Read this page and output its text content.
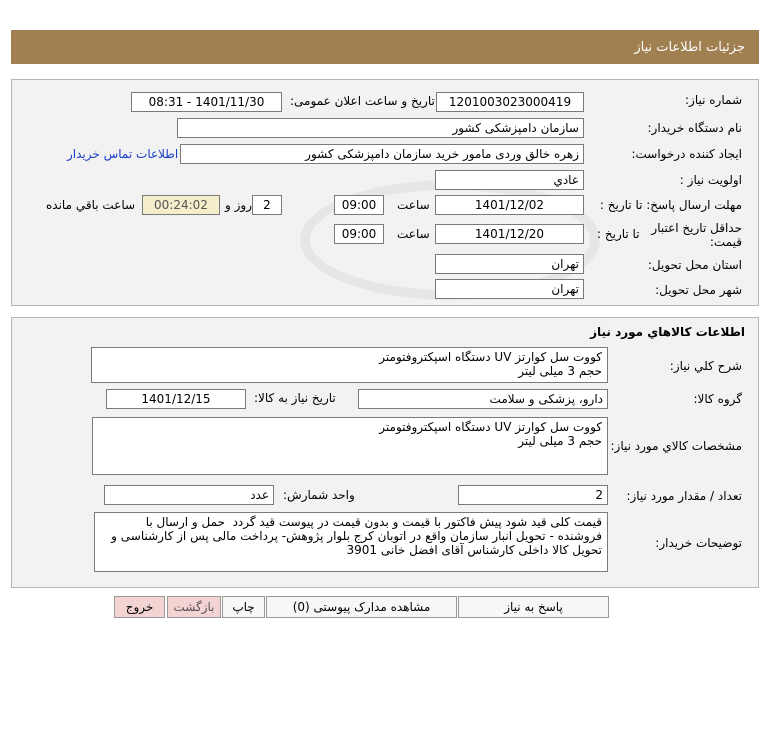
جزئیات اطلاعات نیاز
شماره نیاز:
1201003023000419
تاریخ و ساعت اعلان عمومی:
1401/11/30 - 08:31
نام دستگاه خریدار:
سازمان دامپزشکی کشور
ایجاد کننده درخواست:
زهره خالق وردی مامور خرید سازمان دامپزشکی کشور
اطلاعات تماس خریدار
اولویت نیاز :
عادي
مهلت ارسال پاسخ: تا تاریخ :
1401/12/02
ساعت
09:00
2
روز و
00:24:02
ساعت باقي مانده
حداقل تاریخ اعتبار
قیمت:
تا تاریخ :
1401/12/20
ساعت
09:00
استان محل تحویل:
تهران
شهر محل تحویل:
تهران
اطلاعات کالاهاي مورد نياز
شرح کلي نياز:
کووت سل کوارتز UV دستگاه اسپکتروفتومتر
حجم 3 میلی لیتر
گروه کالا:
دارو، پزشکی و سلامت
تاریخ نیاز به کالا:
1401/12/15
مشخصات کالاي مورد نياز:
کووت سل کوارتز UV دستگاه اسپکتروفتومتر
حجم 3 میلی لیتر
تعداد / مقدار مورد نیاز:
2
واحد شمارش:
عدد
توضیحات خریدار:
قیمت کلی قید شود پیش فاکتور با قیمت و بدون قیمت در پیوست قید گردد  حمل و ارسال با فروشنده - تحویل انبار سازمان واقع در اتوبان کرج بلوار پژوهش- پرداخت مالی پس از کارشناسی و تحویل کالا داخلی کارشناس آقای افضل خانی 3901
پاسخ به نیاز
مشاهده مدارک پیوستی (0)
چاپ
بازگشت
خروج
